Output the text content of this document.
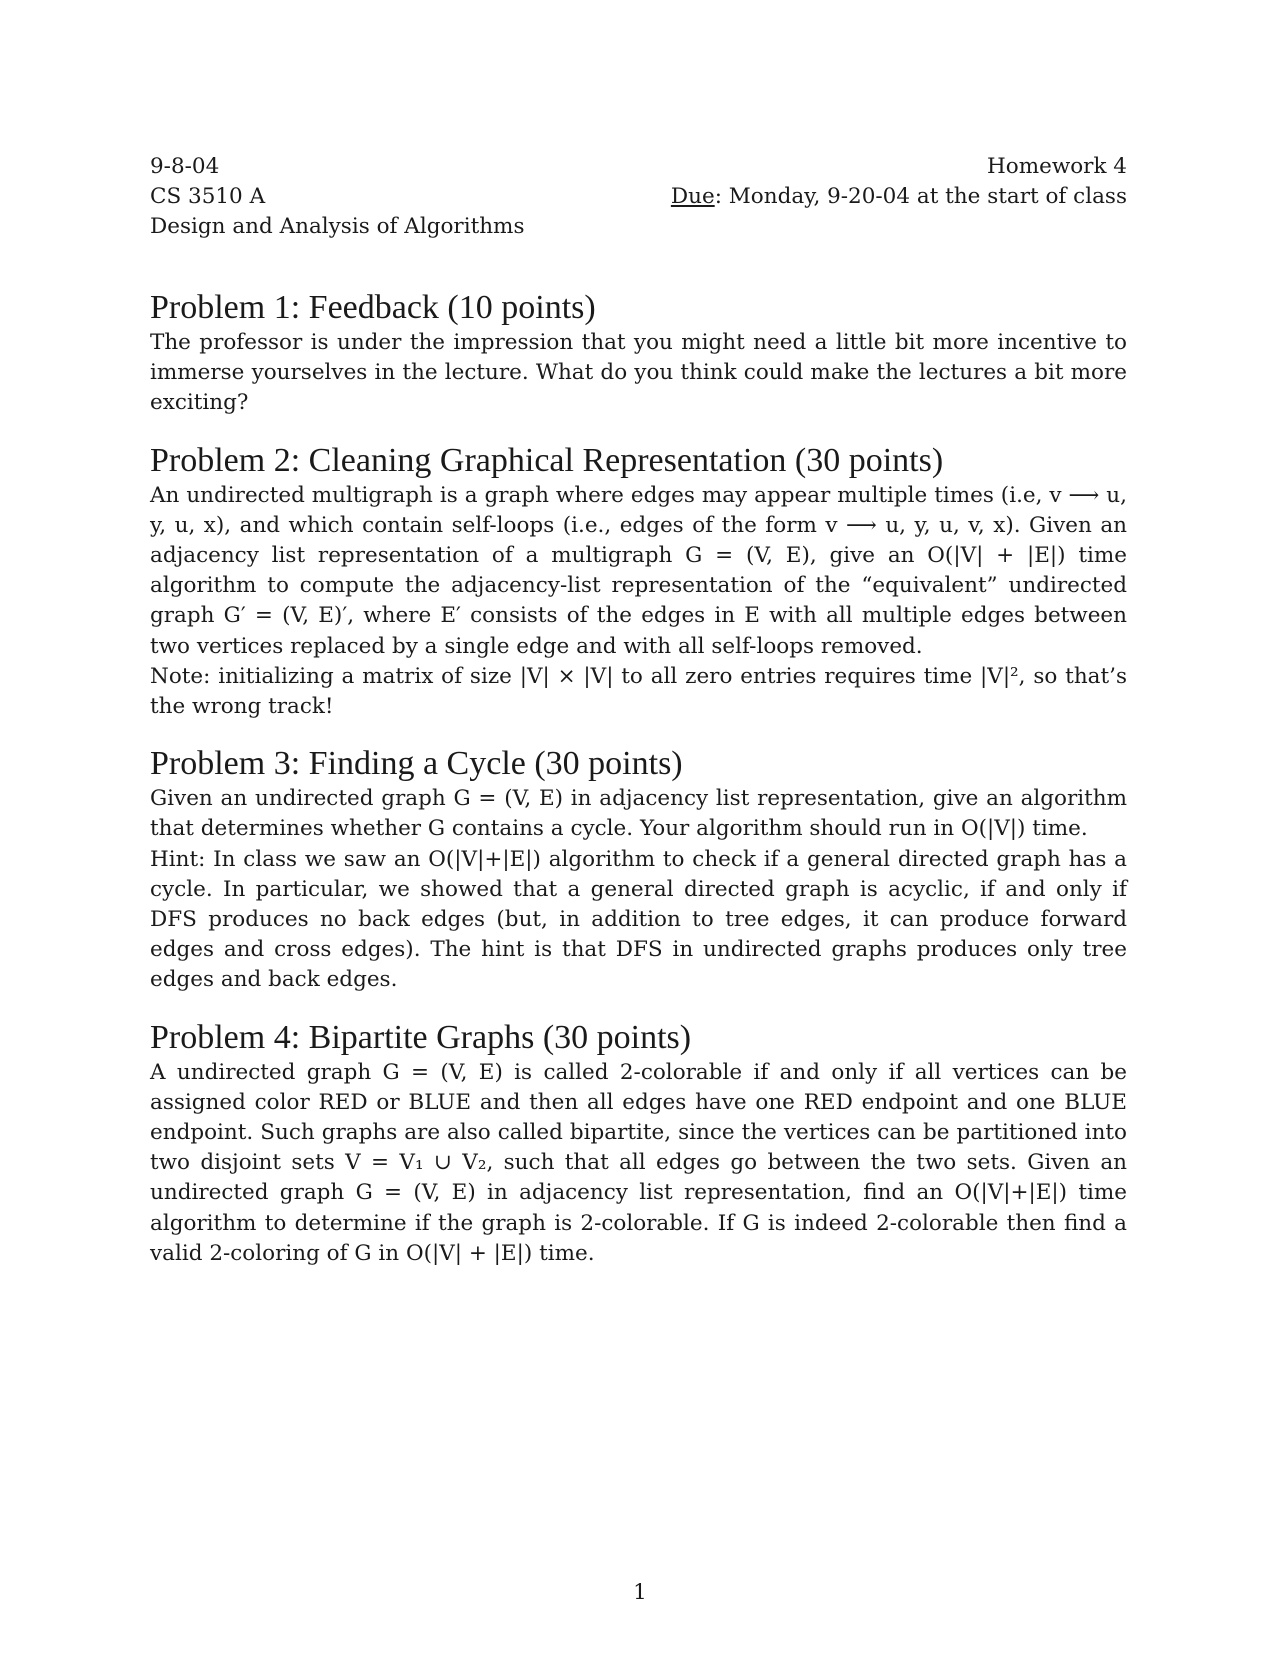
9-8-04
CS 3510 A
Design and Analysis of Algorithms
Homework 4
Due: Monday, 9-20-04 at the start of class
Problem 1: Feedback (10 points)

The professor is under the impression that you might need a little bit more incentive to immerse yourselves in the lecture. What do you think could make the lectures a bit more exciting?

Problem 2: Cleaning Graphical Representation (30 points)

An undirected multigraph is a graph where edges may appear multiple times (i.e, v ⟶ u, y, u, x), and which contain self-loops (i.e., edges of the form v ⟶ u, y, u, v, x). Given an adjacency list representation of a multigraph G = (V, E), give an O(|V| + |E|) time algorithm to compute the adjacency-list representation of the “equivalent” undirected graph G′ = (V, E)′, where E′ consists of the edges in E with all multiple edges between two vertices replaced by a single edge and with all self-loops removed.

Note: initializing a matrix of size |V| × |V| to all zero entries requires time |V|², so that’s the wrong track!

Problem 3: Finding a Cycle (30 points)

Given an undirected graph G = (V, E) in adjacency list representation, give an algorithm that determines whether G contains a cycle. Your algorithm should run in O(|V|) time.

Hint: In class we saw an O(|V|+|E|) algorithm to check if a general directed graph has a cycle. In particular, we showed that a general directed graph is acyclic, if and only if DFS produces no back edges (but, in addition to tree edges, it can produce forward edges and cross edges). The hint is that DFS in undirected graphs produces only tree edges and back edges.

Problem 4: Bipartite Graphs (30 points)

A undirected graph G = (V, E) is called 2-colorable if and only if all vertices can be assigned color RED or BLUE and then all edges have one RED endpoint and one BLUE endpoint. Such graphs are also called bipartite, since the vertices can be partitioned into two disjoint sets V = V₁ ∪ V₂, such that all edges go between the two sets. Given an undirected graph G = (V, E) in adjacency list representation, find an O(|V|+|E|) time algorithm to determine if the graph is 2-colorable. If G is indeed 2-colorable then find a valid 2-coloring of G in O(|V| + |E|) time.

1
